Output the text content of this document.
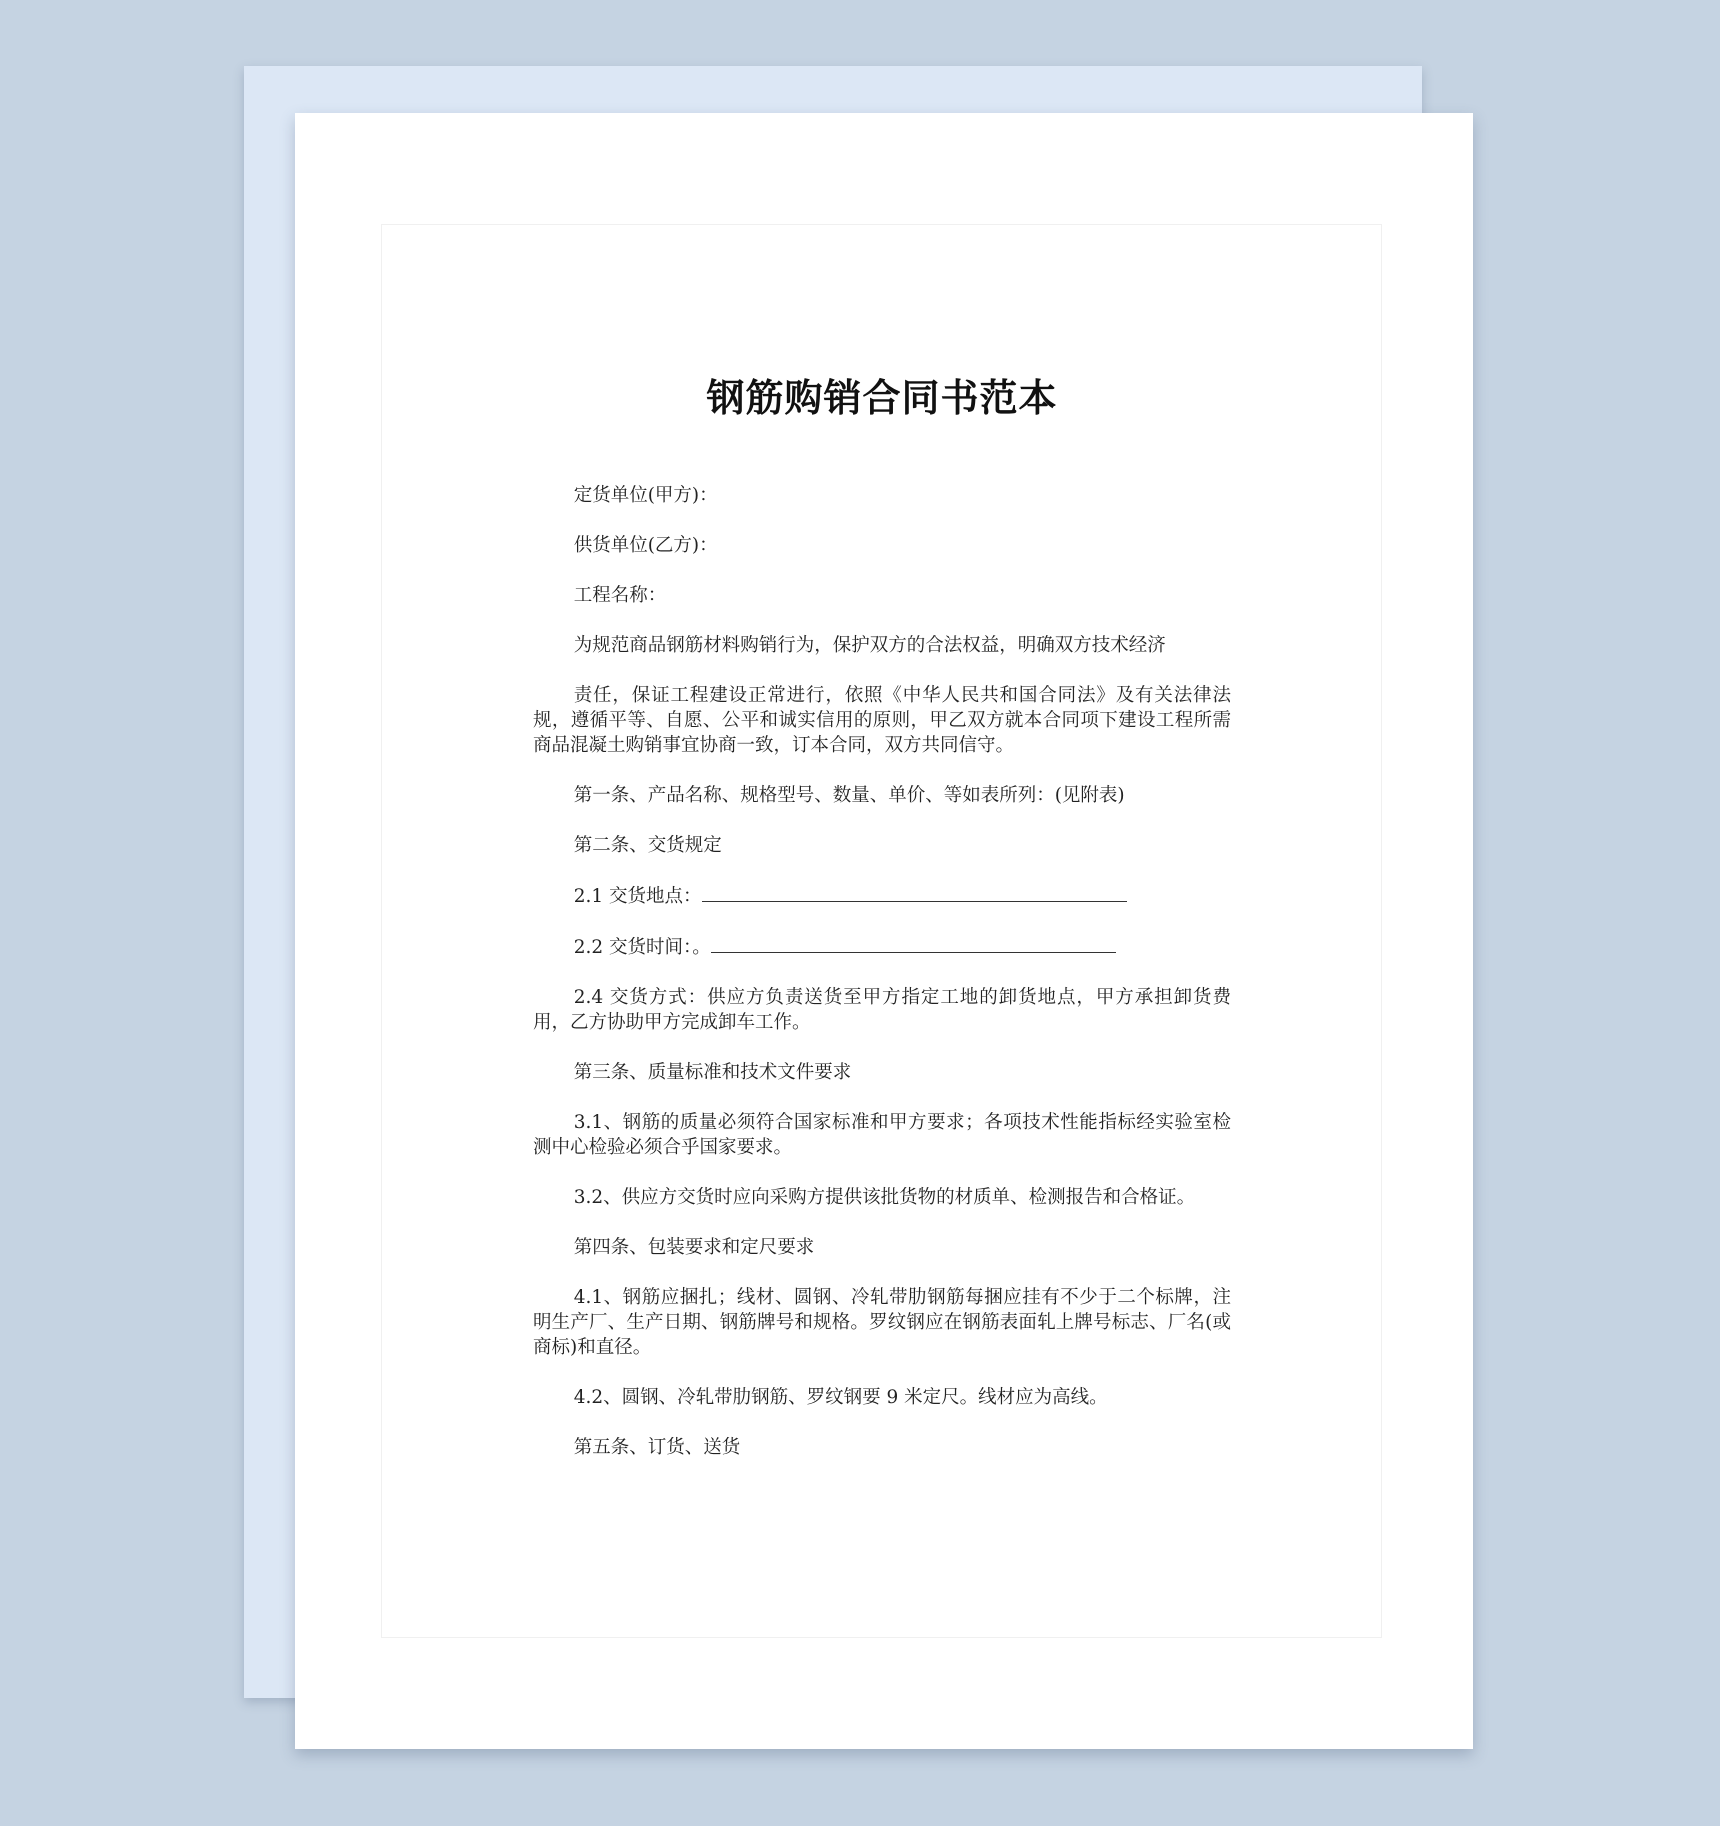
钢筋购销合同书范本

定货单位(甲方)：

供货单位(乙方)：

工程名称：

为规范商品钢筋材料购销行为，保护双方的合法权益，明确双方技术经济

责任，保证工程建设正常进行，依照《中华人民共和国合同法》及有关法律法规，遵循平等、自愿、公平和诚实信用的原则，甲乙双方就本合同项下建设工程所需商品混凝土购销事宜协商一致，订本合同，双方共同信守。

第一条、产品名称、规格型号、数量、单价、等如表所列：(见附表)

第二条、交货规定

2.1 交货地点：

2.2 交货时间：。

2.4 交货方式：供应方负责送货至甲方指定工地的卸货地点，甲方承担卸货费用，乙方协助甲方完成卸车工作。

第三条、质量标准和技术文件要求

3.1、钢筋的质量必须符合国家标准和甲方要求；各项技术性能指标经实验室检测中心检验必须合乎国家要求。

3.2、供应方交货时应向采购方提供该批货物的材质单、检测报告和合格证。

第四条、包装要求和定尺要求

4.1、钢筋应捆扎；线材、圆钢、冷轧带肋钢筋每捆应挂有不少于二个标牌，注明生产厂、生产日期、钢筋牌号和规格。罗纹钢应在钢筋表面轧上牌号标志、厂名(或商标)和直径。

4.2、圆钢、冷轧带肋钢筋、罗纹钢要 9 米定尺。线材应为高线。

第五条、订货、送货
